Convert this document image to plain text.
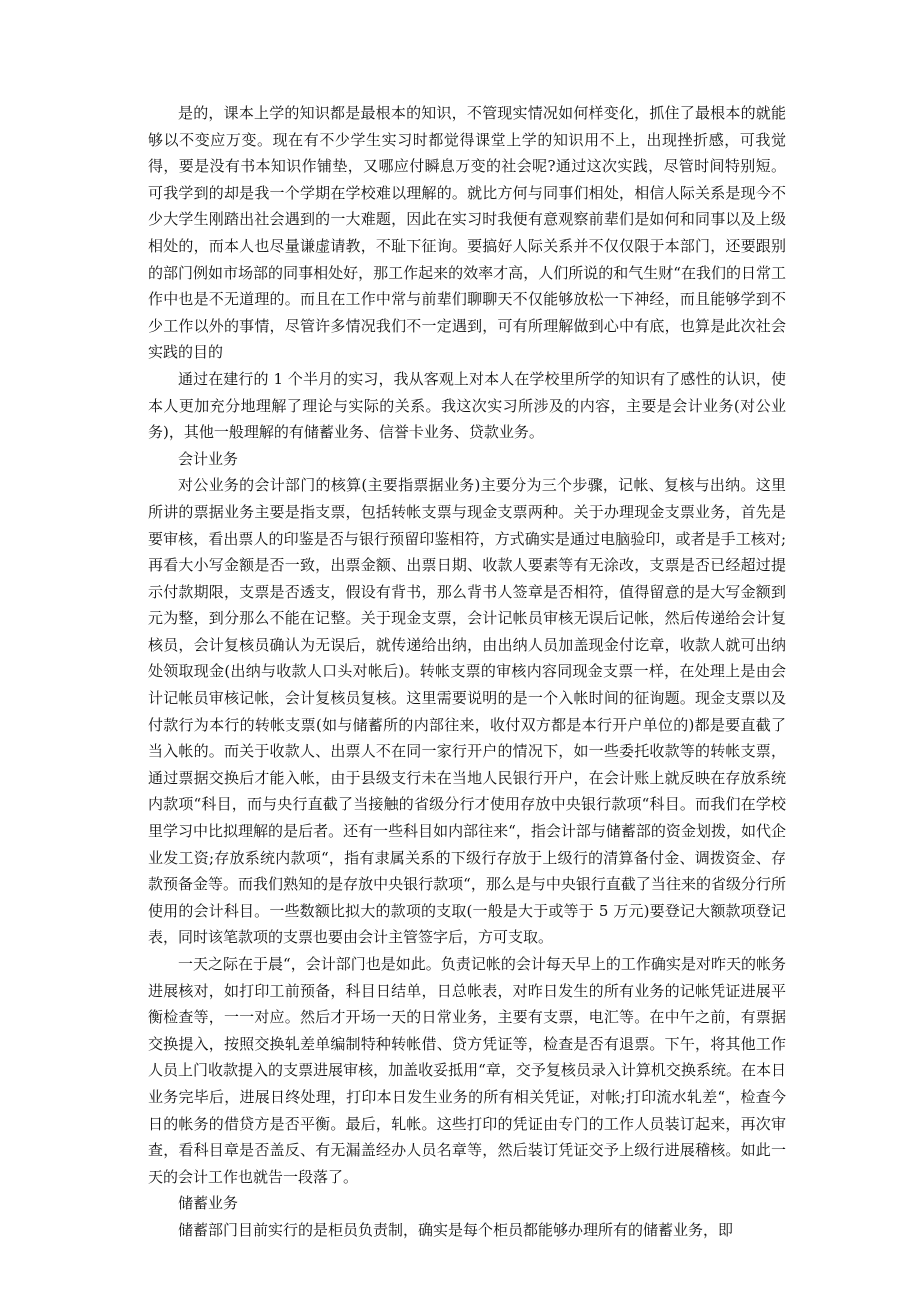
是的，课本上学的知识都是最根本的知识，不管现实情况如何样变化，抓住了最根本的就能够以不变应万变。现在有不少学生实习时都觉得课堂上学的知识用不上，出现挫折感，可我觉得，要是没有书本知识作铺垫，又哪应付瞬息万变的社会呢?通过这次实践，尽管时间特别短。可我学到的却是我一个学期在学校难以理解的。就比方何与同事们相处，相信人际关系是现今不少大学生刚踏出社会遇到的一大难题，因此在实习时我便有意观察前辈们是如何和同事以及上级相处的，而本人也尽量谦虚请教，不耻下征询。要搞好人际关系并不仅仅限于本部门，还要跟别的部门例如市场部的同事相处好，那工作起来的效率才高，人们所说的和气生财“在我们的日常工作中也是不无道理的。而且在工作中常与前辈们聊聊天不仅能够放松一下神经，而且能够学到不少工作以外的事情，尽管许多情况我们不一定遇到，可有所理解做到心中有底，也算是此次社会实践的目的

通过在建行的 1 个半月的实习，我从客观上对本人在学校里所学的知识有了感性的认识，使本人更加充分地理解了理论与实际的关系。我这次实习所涉及的内容，主要是会计业务(对公业务)，其他一般理解的有储蓄业务、信誉卡业务、贷款业务。

会计业务

对公业务的会计部门的核算(主要指票据业务)主要分为三个步骤，记帐、复核与出纳。这里所讲的票据业务主要是指支票，包括转帐支票与现金支票两种。关于办理现金支票业务，首先是要审核，看出票人的印鉴是否与银行预留印鉴相符，方式确实是通过电脑验印，或者是手工核对;再看大小写金额是否一致，出票金额、出票日期、收款人要素等有无涂改，支票是否已经超过提示付款期限，支票是否透支，假设有背书，那么背书人签章是否相符，值得留意的是大写金额到元为整，到分那么不能在记整。关于现金支票，会计记帐员审核无误后记帐，然后传递给会计复核员，会计复核员确认为无误后，就传递给出纳，由出纳人员加盖现金付讫章，收款人就可出纳处领取现金(出纳与收款人口头对帐后)。转帐支票的审核内容同现金支票一样，在处理上是由会计记帐员审核记帐，会计复核员复核。这里需要说明的是一个入帐时间的征询题。现金支票以及付款行为本行的转帐支票(如与储蓄所的内部往来，收付双方都是本行开户单位的)都是要直截了当入帐的。而关于收款人、出票人不在同一家行开户的情况下，如一些委托收款等的转帐支票，通过票据交换后才能入帐，由于县级支行未在当地人民银行开户，在会计账上就反映在存放系统内款项“科目，而与央行直截了当接触的省级分行才使用存放中央银行款项“科目。而我们在学校里学习中比拟理解的是后者。还有一些科目如内部往来“，指会计部与储蓄部的资金划拨，如代企业发工资;存放系统内款项“，指有隶属关系的下级行存放于上级行的清算备付金、调拨资金、存款预备金等。而我们熟知的是存放中央银行款项“，那么是与中央银行直截了当往来的省级分行所使用的会计科目。一些数额比拟大的款项的支取(一般是大于或等于 5 万元)要登记大额款项登记表，同时该笔款项的支票也要由会计主管签字后，方可支取。

一天之际在于晨“，会计部门也是如此。负责记帐的会计每天早上的工作确实是对昨天的帐务进展核对，如打印工前预备，科目日结单，日总帐表，对昨日发生的所有业务的记帐凭证进展平衡检查等，一一对应。然后才开场一天的日常业务，主要有支票，电汇等。在中午之前，有票据交换提入，按照交换轧差单编制特种转帐借、贷方凭证等，检查是否有退票。下午，将其他工作人员上门收款提入的支票进展审核，加盖收妥抵用“章，交予复核员录入计算机交换系统。在本日业务完毕后，进展日终处理，打印本日发生业务的所有相关凭证，对帐;打印流水轧差“，检查今日的帐务的借贷方是否平衡。最后，轧帐。这些打印的凭证由专门的工作人员装订起来，再次审查，看科目章是否盖反、有无漏盖经办人员名章等，然后装订凭证交予上级行进展稽核。如此一天的会计工作也就告一段落了。

储蓄业务

储蓄部门目前实行的是柜员负责制，确实是每个柜员都能够办理所有的储蓄业务，即
